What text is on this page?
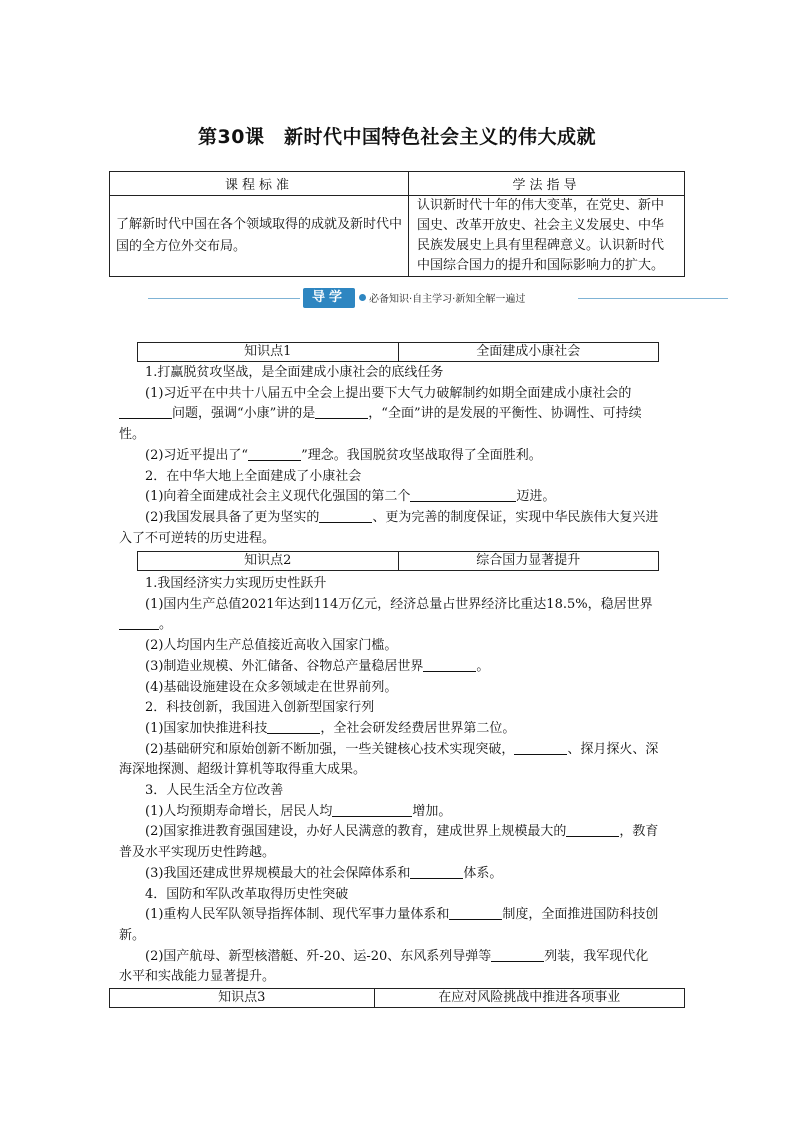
第30课　新时代中国特色社会主义的伟大成就
课程标准	学法指导
了解新时代中国在各个领域取得的成就及新时代中国的全方位外交布局。	认识新时代十年的伟大变革，在党史、新中国史、改革开放史、社会主义发展史、中华民族发展史上具有里程碑意义。认识新时代中国综合国力的提升和国际影响力的扩大。
导学	必备知识·自主学习·新知全解一遍过
知识点1	全面建成小康社会

1.打赢脱贫攻坚战，是全面建成小康社会的底线任务

(1)习近平在中共十八届五中全会上提出要下大气力破解制约如期全面建成小康社会的问题，强调“小康”讲的是	，“全面”讲的是发展的平衡性、协调性、可持续性。

(2)习近平提出了“	”理念。我国脱贫攻坚战取得了全面胜利。

2．在中华大地上全面建成了小康社会

(1)向着全面建成社会主义现代化强国的第二个	迈进。

(2)我国发展具备了更为坚实的	、更为完善的制度保证，实现中华民族伟大复兴进入了不可逆转的历史进程。

知识点2	综合国力显著提升

1.我国经济实力实现历史性跃升

(1)国内生产总值2021年达到114万亿元，经济总量占世界经济比重达18.5%，稳居世界。

(2)人均国内生产总值接近高收入国家门槛。

(3)制造业规模、外汇储备、谷物总产量稳居世界	。

(4)基础设施建设在众多领域走在世界前列。

2．科技创新，我国进入创新型国家行列

(1)国家加快推进科技	，全社会研发经费居世界第二位。

(2)基础研究和原始创新不断加强，一些关键核心技术实现突破，	、探月探火、深海深地探测、超级计算机等取得重大成果。

3．人民生活全方位改善

(1)人均预期寿命增长，居民人均	增加。

(2)国家推进教育强国建设，办好人民满意的教育，建成世界上规模最大的	，教育普及水平实现历史性跨越。

(3)我国还建成世界规模最大的社会保障体系和	体系。

4．国防和军队改革取得历史性突破

(1)重构人民军队领导指挥体制、现代军事力量体系和	制度，全面推进国防科技创新。

(2)国产航母、新型核潜艇、歼-20、运-20、东风系列导弹等	列装，我军现代化水平和实战能力显著提升。

知识点3	在应对风险挑战中推进各项事业
